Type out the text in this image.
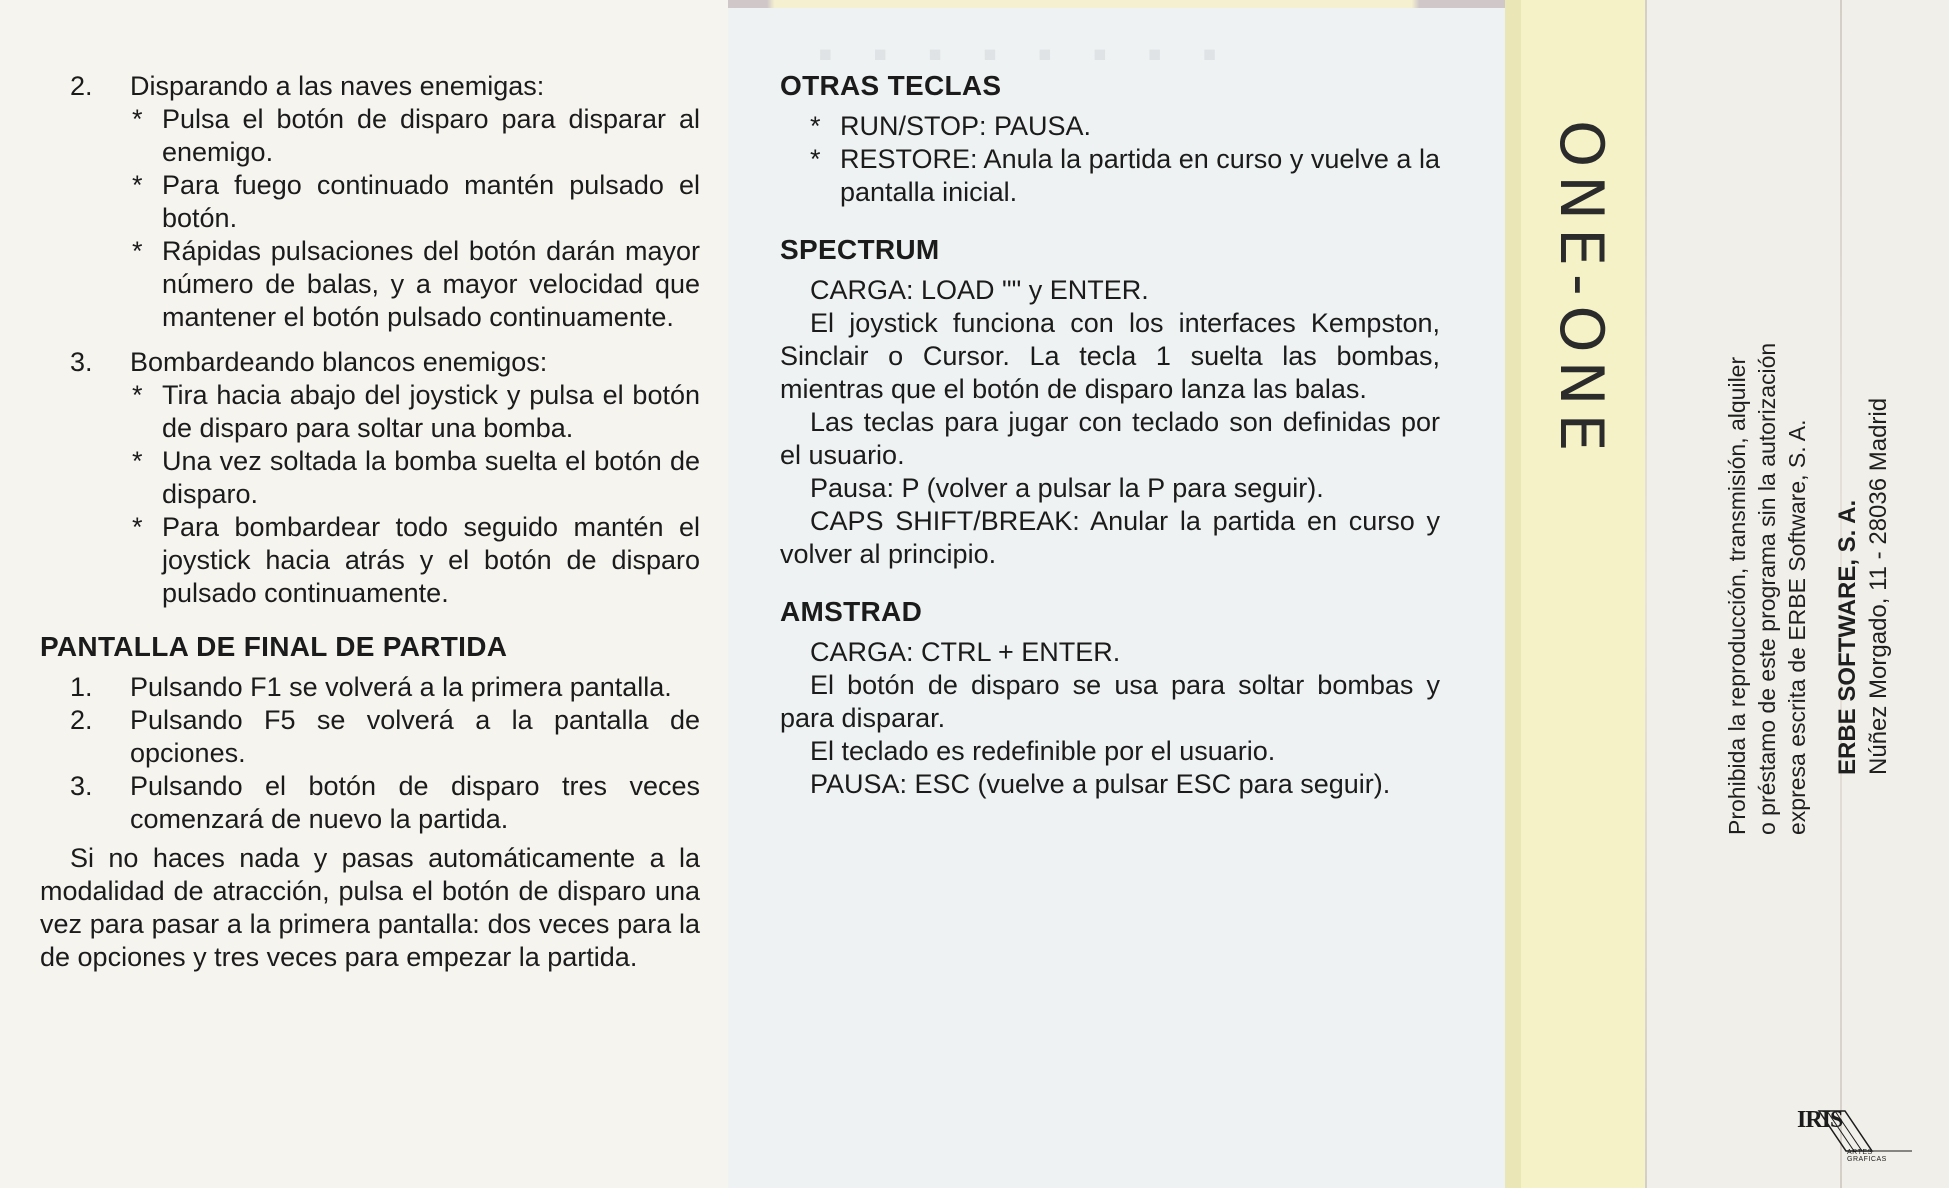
2.	Disparando a las naves enemigas:
* Pulsa el botón de disparo para disparar al enemigo.
* Para fuego continuado mantén pulsado el botón.
* Rápidas pulsaciones del botón darán mayor número de balas, y a mayor velocidad que mantener el botón pulsado continuamente.
3.	Bombardeando blancos enemigos:
* Tira hacia abajo del joystick y pulsa el botón de disparo para soltar una bomba.
* Una vez soltada la bomba suelta el botón de disparo.
* Para bombardear todo seguido mantén el joystick hacia atrás y el botón de disparo pulsado continuamente.
PANTALLA DE FINAL DE PARTIDA
1.	Pulsando F1 se volverá a la primera pantalla.
2.	Pulsando F5 se volverá a la pantalla de opciones.
3.	Pulsando el botón de disparo tres veces comenzará de nuevo la partida.
Si no haces nada y pasas automáticamente a la modalidad de atracción, pulsa el botón de disparo una vez para pasar a la primera pantalla: dos veces para la de opciones y tres veces para empezar la partida.
▪▪▪▪▪▪▪▪
OTRAS TECLAS
* RUN/STOP: PAUSA.
* RESTORE: Anula la partida en curso y vuelve a la pantalla inicial.
SPECTRUM
CARGA: LOAD "" y ENTER.
El joystick funciona con los interfaces Kempston, Sinclair o Cursor. La tecla 1 suelta las bombas, mientras que el botón de disparo lanza las balas.
Las teclas para jugar con teclado son definidas por el usuario.
Pausa: P (volver a pulsar la P para seguir).
CAPS SHIFT/BREAK: Anular la partida en curso y volver al principio.
AMSTRAD
CARGA: CTRL + ENTER.
El botón de disparo se usa para soltar bombas y para disparar.
El teclado es redefinible por el usuario.
PAUSA: ESC (vuelve a pulsar ESC para seguir).
ONE-ONE
Prohibida la reproducción, transmisión, alquiler o préstamo de este programa sin la autorización expresa escrita de ERBE Software, S. A. ERBE SOFTWARE, S. A. Núñez Morgado, 11 - 28036 Madrid
IRIS
ARTES GRAFICAS
